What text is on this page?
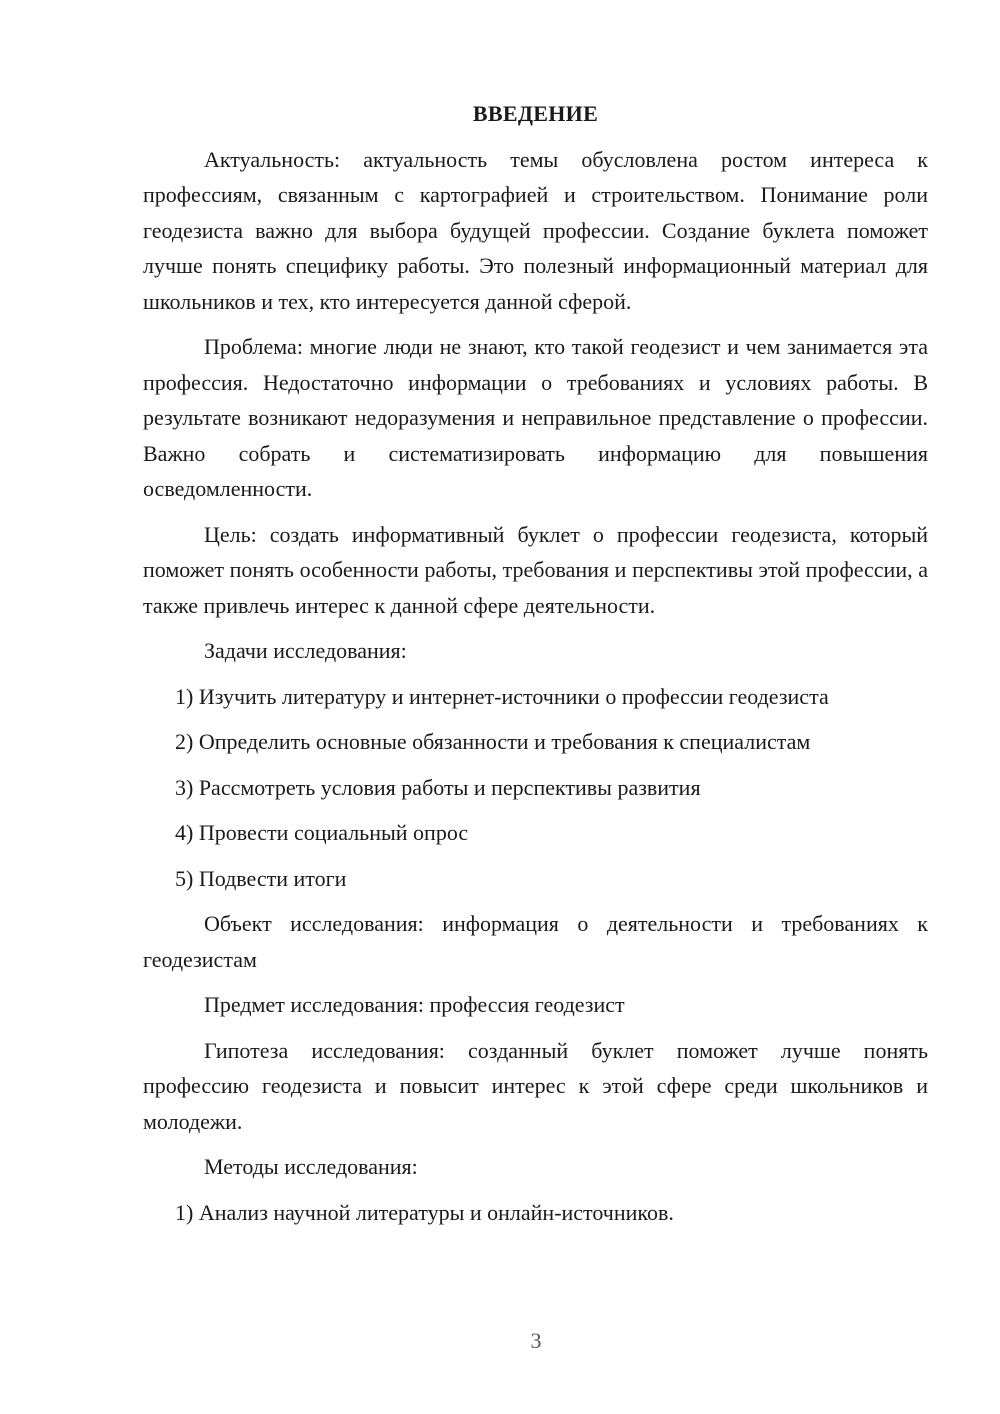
ВВЕДЕНИЕ

Актуальность: актуальность темы обусловлена ростом интереса к профессиям, связанным с картографией и строительством. Понимание роли геодезиста важно для выбора будущей профессии. Создание буклета поможет лучше понять специфику работы. Это полезный информационный материал для школьников и тех, кто интересуется данной сферой.

Проблема: многие люди не знают, кто такой геодезист и чем занимается эта профессия. Недостаточно информации о требованиях и условиях работы. В результате возникают недоразумения и неправильное представление о профессии. Важно собрать и систематизировать информацию для повышения осведомленности.

Цель: создать информативный буклет о профессии геодезиста, который поможет понять особенности работы, требования и перспективы этой профессии, а также привлечь интерес к данной сфере деятельности.

Задачи исследования:

1) Изучить литературу и интернет-источники о профессии геодезиста

2) Определить основные обязанности и требования к специалистам

3) Рассмотреть условия работы и перспективы развития

4) Провести социальный опрос

5) Подвести итоги

Объект исследования: информация о деятельности и требованиях к геодезистам

Предмет исследования: профессия геодезист

Гипотеза исследования: созданный буклет поможет лучше понять профессию геодезиста и повысит интерес к этой сфере среди школьников и молодежи.

Методы исследования:

1) Анализ научной литературы и онлайн-источников.

3
